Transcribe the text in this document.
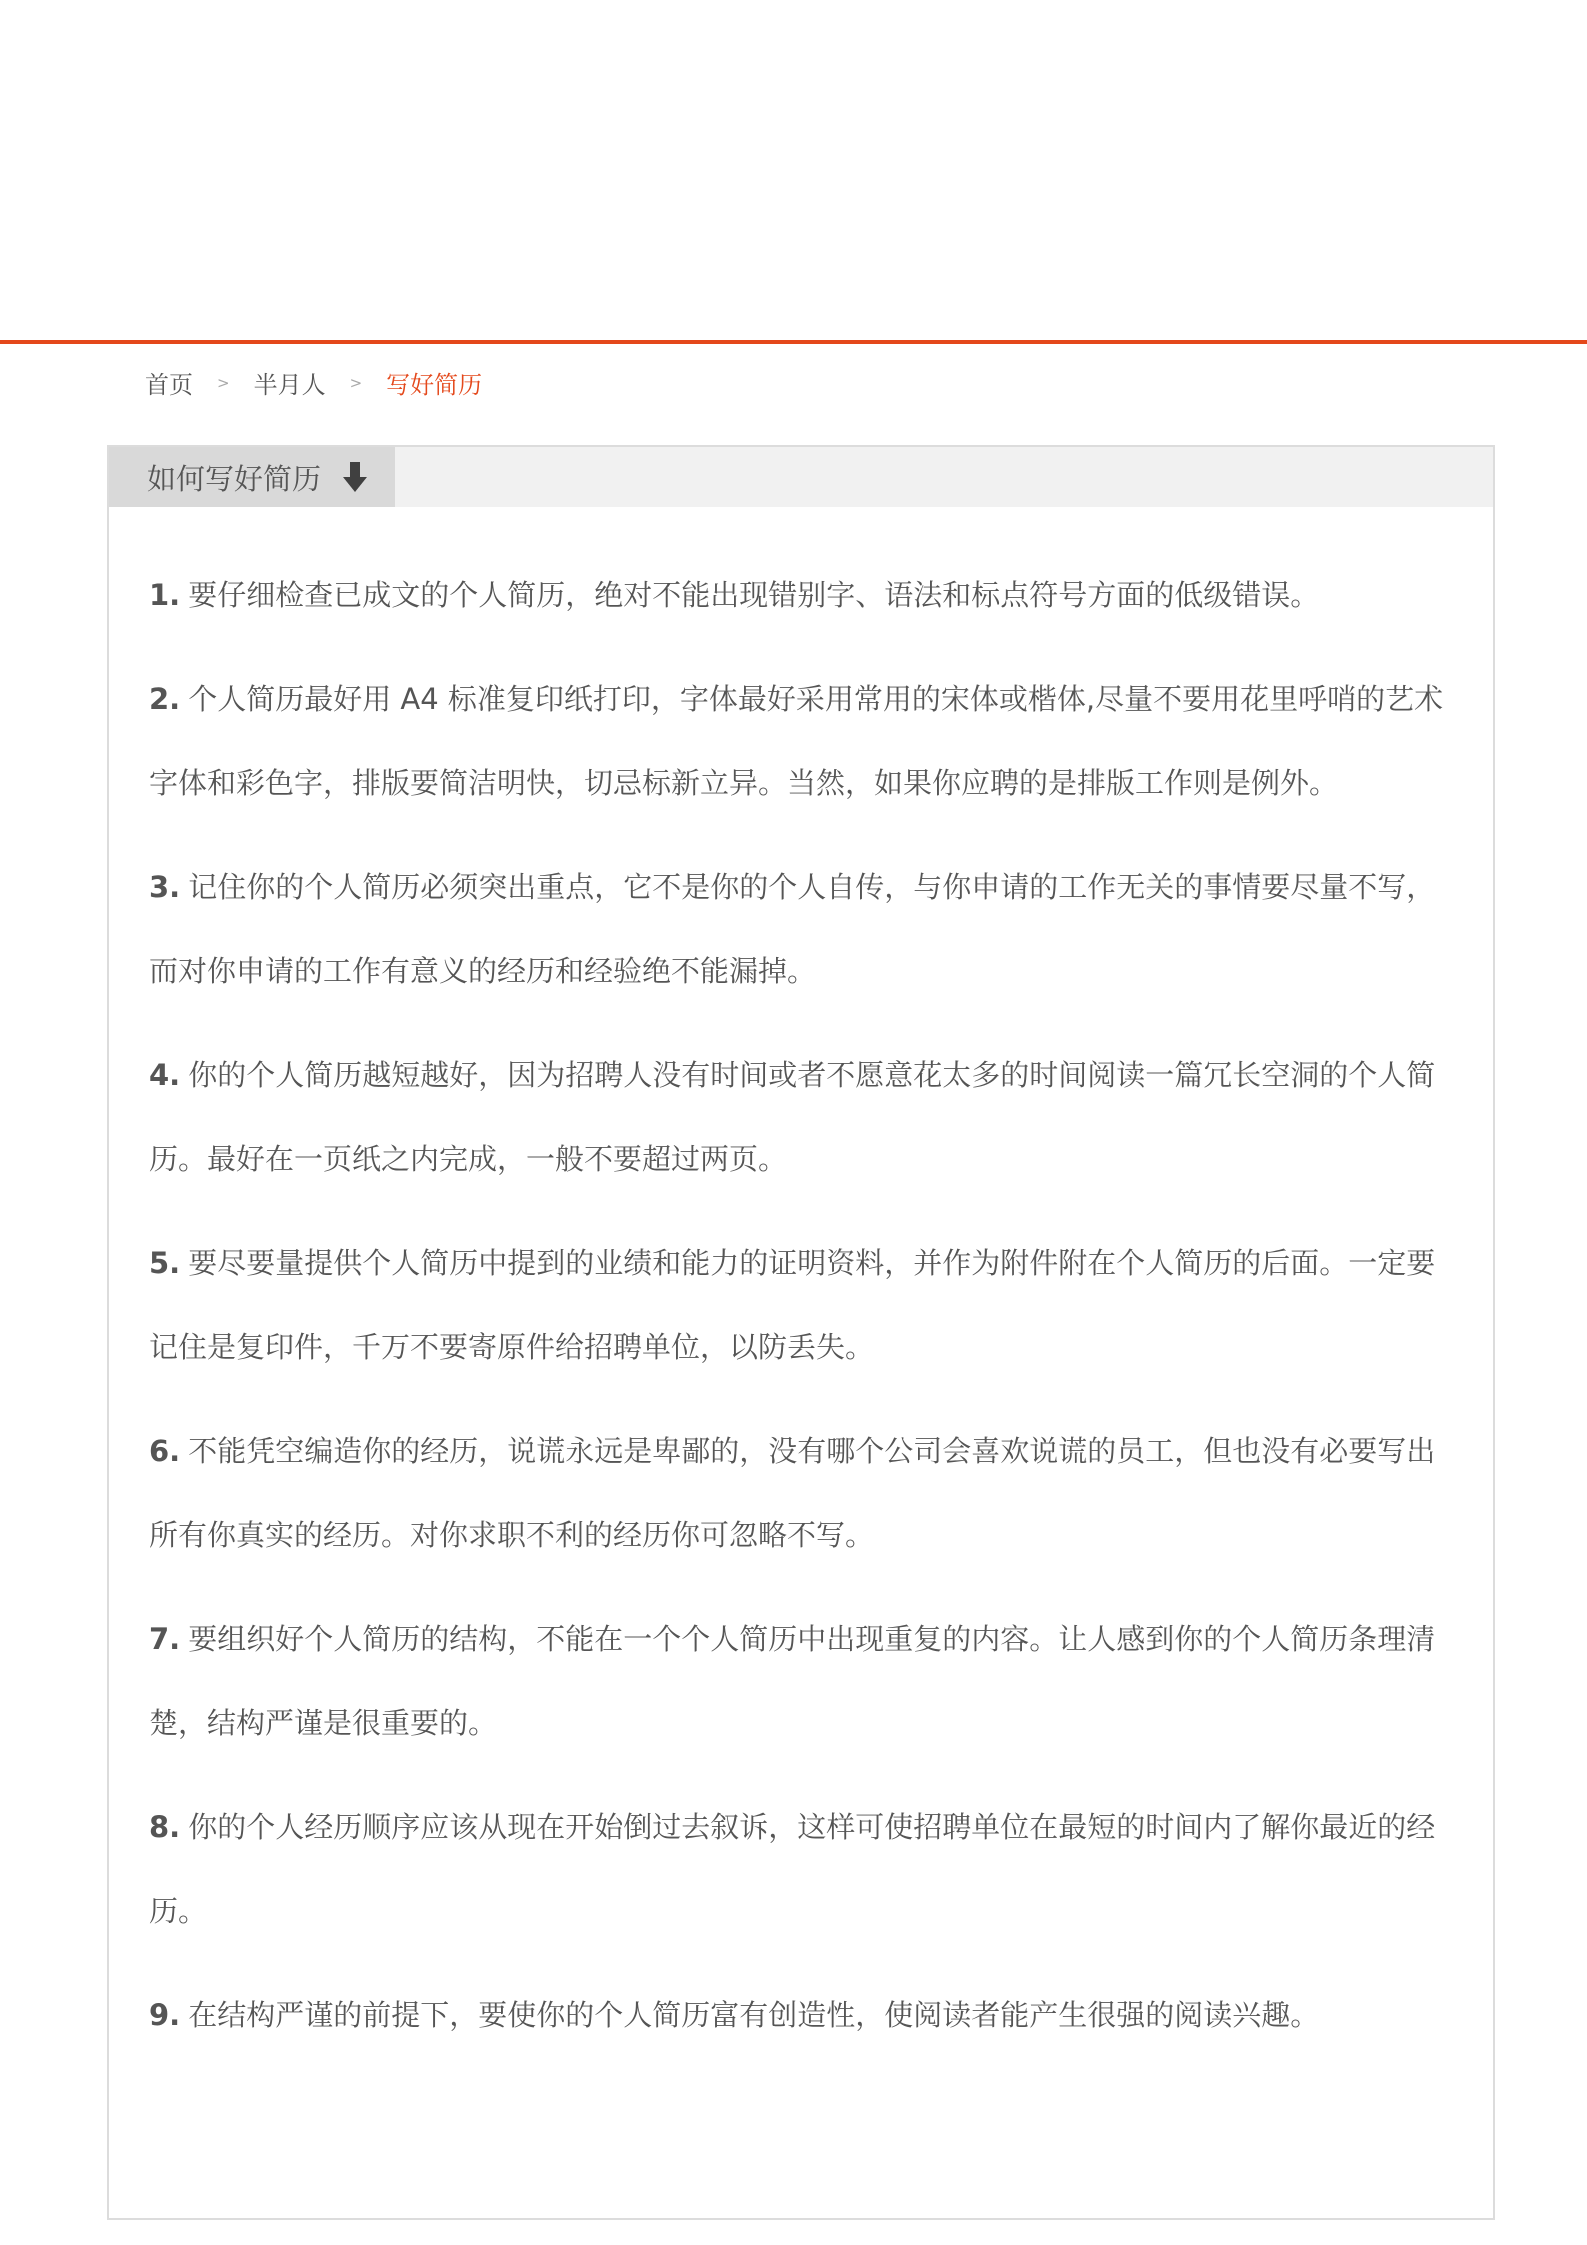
首页 > 半月人 > 写好简历
如何写好简历

1. 要仔细检查已成文的个人简历，绝对不能出现错别字、语法和标点符号方面的低级错误。

2. 个人简历最好用 A4 标准复印纸打印，字体最好采用常用的宋体或楷体,尽量不要用花里呼哨的艺术字体和彩色字，排版要简洁明快，切忌标新立异。当然，如果你应聘的是排版工作则是例外。

3. 记住你的个人简历必须突出重点，它不是你的个人自传，与你申请的工作无关的事情要尽量不写，而对你申请的工作有意义的经历和经验绝不能漏掉。

4. 你的个人简历越短越好，因为招聘人没有时间或者不愿意花太多的时间阅读一篇冗长空洞的个人简历。最好在一页纸之内完成，一般不要超过两页。

5. 要尽要量提供个人简历中提到的业绩和能力的证明资料，并作为附件附在个人简历的后面。一定要记住是复印件，千万不要寄原件给招聘单位，以防丢失。

6. 不能凭空编造你的经历，说谎永远是卑鄙的，没有哪个公司会喜欢说谎的员工，但也没有必要写出所有你真实的经历。对你求职不利的经历你可忽略不写。

7. 要组织好个人简历的结构，不能在一个个人简历中出现重复的内容。让人感到你的个人简历条理清楚，结构严谨是很重要的。

8. 你的个人经历顺序应该从现在开始倒过去叙诉，这样可使招聘单位在最短的时间内了解你最近的经历。

9. 在结构严谨的前提下，要使你的个人简历富有创造性，使阅读者能产生很强的阅读兴趣。
